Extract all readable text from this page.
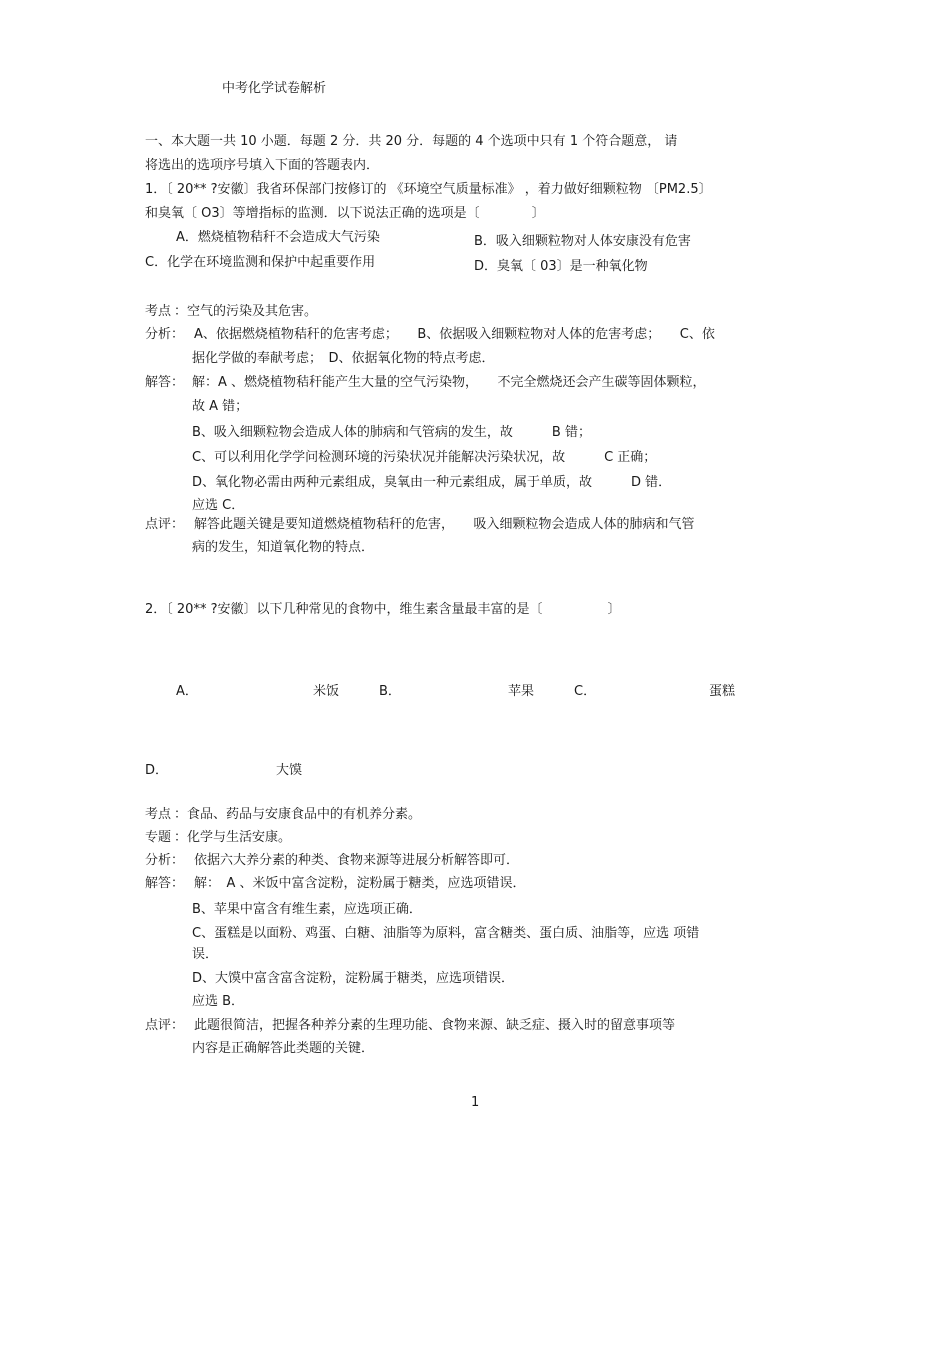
中考化学试卷解析
一、本大题一共 10 小题．每题 2 分．共 20 分．每题的 4 个选项中只有 1 个符合题意， 请
将选出的选项序号填入下面的答题表内．
1．〔 20** ?安徽〕我省环保部门按修订的 《环境空气质量标准》 ，着力做好细颗粒物 〔PM2.5〕
和臭氧〔 O3〕等增指标的监测．以下说法正确的选项是〔　　　　〕
A．燃烧植物秸秆不会造成大气污染	B．吸入细颗粒物对人体安康没有危害
C．化学在环境监测和保护中起重要作用	D．臭氧〔 03〕是一种氧化物
考点 ：空气的污染及其危害。
分析： A、依据燃烧植物秸秆的危害考虑；　　B、依据吸入细颗粒物对人体的危害考虑；　　C、依
据化学做的奉献考虑；　D、依据氧化物的特点考虑．
解答： 解：A 、燃烧植物秸秆能产生大量的空气污染物，　　不完全燃烧还会产生碳等固体颗粒，
故 A 错；
B、吸入细颗粒物会造成人体的肺病和气管病的发生，故　　　B 错；
C、可以利用化学学问检测环境的污染状况并能解决污染状况，故　　　C 正确；
D、氧化物必需由两种元素组成，臭氧由一种元素组成，属于单质，故　　　D 错．
应选 C．
点评： 解答此题关键是要知道燃烧植物秸秆的危害，　　吸入细颗粒物会造成人体的肺病和气管
病的发生，知道氧化物的特点．
2．〔 20** ?安徽〕以下几种常见的食物中，维生素含量最丰富的是〔　　　　　〕
A．	米饭	B．	苹果	C．	蛋糕
D．	大馍
考点 ：食品、药品与安康食品中的有机养分素。
专题 ：化学与生活安康。
分析： 依据六大养分素的种类、食物来源等进展分析解答即可．
解答： 解：　A 、米饭中富含淀粉，淀粉属于糖类，应选项错误．
B、苹果中富含有维生素，应选项正确．
C、蛋糕是以面粉、鸡蛋、白糖、油脂等为原料，富含糖类、蛋白质、油脂等，应选 项错
误．
D、大馍中富含富含淀粉，淀粉属于糖类，应选项错误．
应选 B．
点评： 此题很简洁，把握各种养分素的生理功能、食物来源、缺乏症、摄入时的留意事项等
内容是正确解答此类题的关键．
1
